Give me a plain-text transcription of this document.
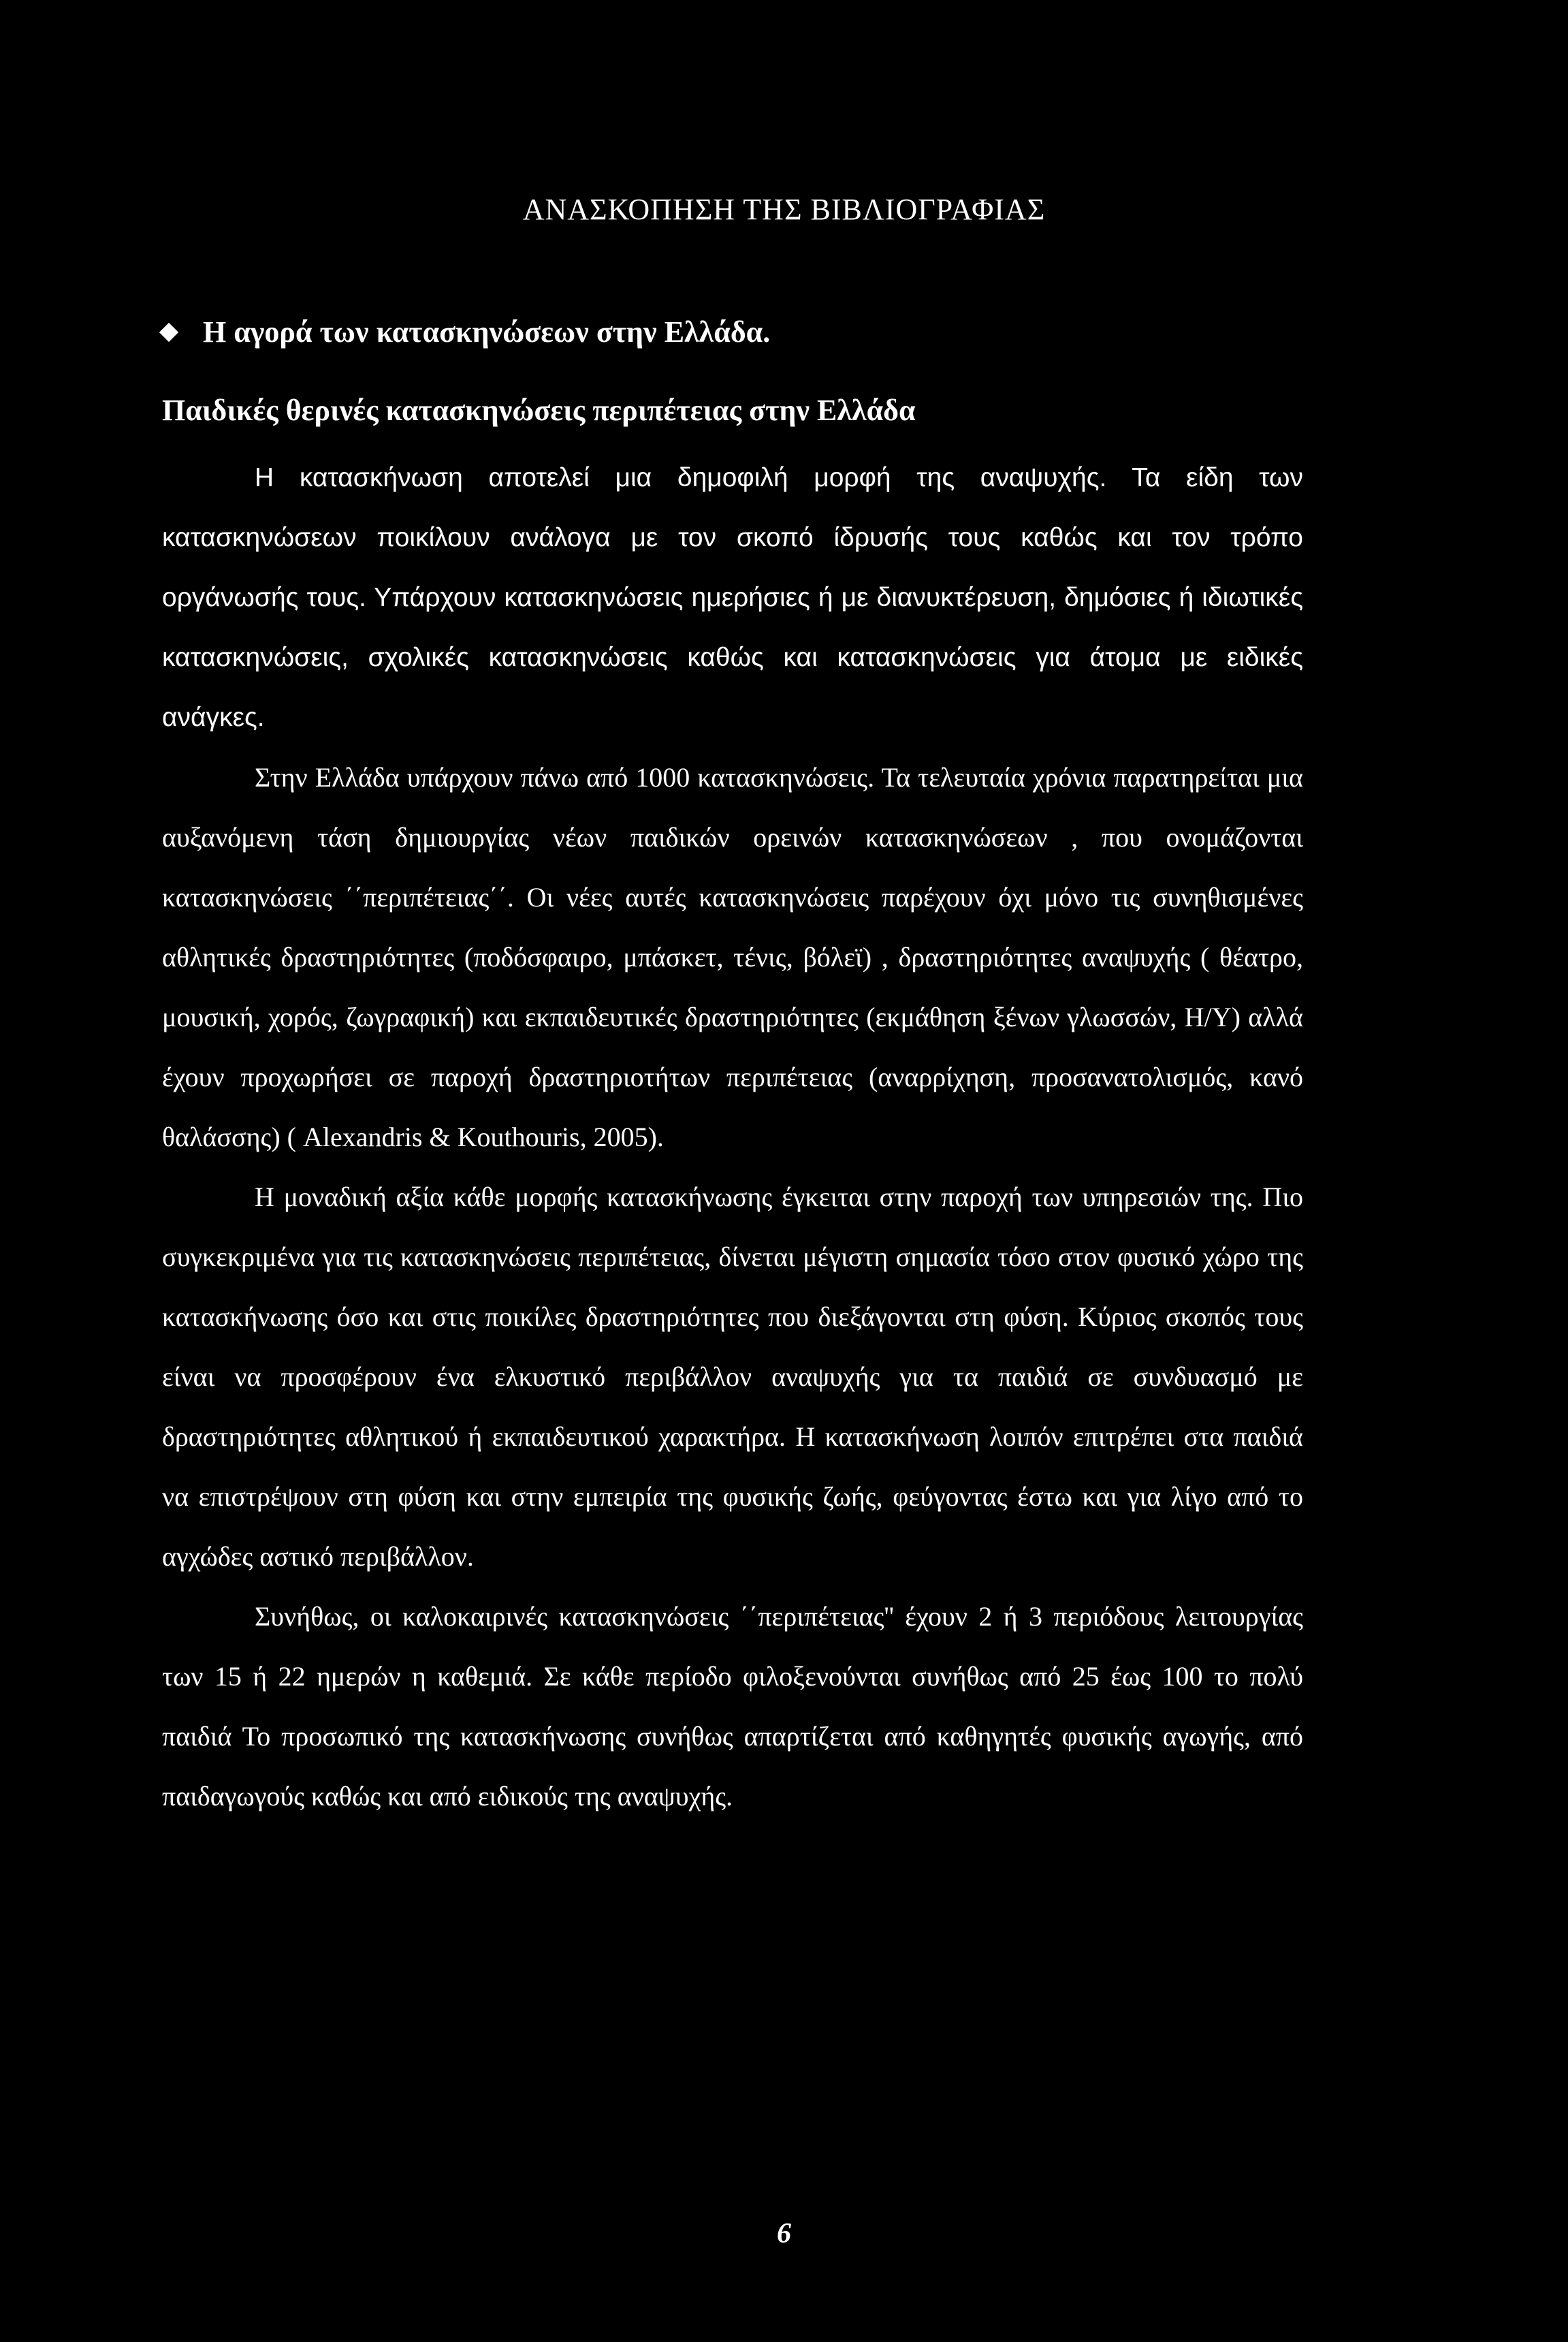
ΑΝΑΣΚΟΠΗΣΗ ΤΗΣ ΒΙΒΛΙΟΓΡΑΦΙΑΣ
Η αγορά των κατασκηνώσεων στην Ελλάδα.
Παιδικές θερινές κατασκηνώσεις περιπέτειας στην Ελλάδα

Η κατασκήνωση αποτελεί μια δημοφιλή μορφή της αναψυχής. Τα είδη των κατασκηνώσεων ποικίλουν ανάλογα με τον σκοπό ίδρυσής τους καθώς και τον τρόπο οργάνωσής τους. Υπάρχουν κατασκηνώσεις ημερήσιες ή με διανυκτέρευση, δημόσιες ή ιδιωτικές κατασκηνώσεις, σχολικές κατασκηνώσεις καθώς και κατασκηνώσεις για άτομα με ειδικές ανάγκες.

Στην Ελλάδα υπάρχουν πάνω από 1000 κατασκηνώσεις. Τα τελευταία χρόνια παρατηρείται μια αυξανόμενη τάση δημιουργίας νέων παιδικών ορεινών κατασκηνώσεων , που ονομάζονται κατασκηνώσεις ΄΄περιπέτειας΄΄. Οι νέες αυτές κατασκηνώσεις παρέχουν όχι μόνο τις συνηθισμένες αθλητικές δραστηριότητες (ποδόσφαιρο, μπάσκετ, τένις, βόλεϊ) , δραστηριότητες αναψυχής ( θέατρο, μουσική, χορός, ζωγραφική) και εκπαιδευτικές δραστηριότητες (εκμάθηση ξένων γλωσσών, Η/Υ) αλλά έχουν προχωρήσει σε παροχή δραστηριοτήτων περιπέτειας (αναρρίχηση, προσανατολισμός, κανό θαλάσσης) ( Alexandris & Kouthouris, 2005).

Η μοναδική αξία κάθε μορφής κατασκήνωσης έγκειται στην παροχή των υπηρεσιών της. Πιο συγκεκριμένα για τις κατασκηνώσεις περιπέτειας, δίνεται μέγιστη σημασία τόσο στον φυσικό χώρο της κατασκήνωσης όσο και στις ποικίλες δραστηριότητες που διεξάγονται στη φύση. Κύριος σκοπός τους είναι να προσφέρουν ένα ελκυστικό περιβάλλον αναψυχής για τα παιδιά σε συνδυασμό με δραστηριότητες αθλητικού ή εκπαιδευτικού χαρακτήρα. Η κατασκήνωση λοιπόν επιτρέπει στα παιδιά να επιστρέψουν στη φύση και στην εμπειρία της φυσικής ζωής, φεύγοντας έστω και για λίγο από το αγχώδες αστικό περιβάλλον.

Συνήθως, οι καλοκαιρινές κατασκηνώσεις ΄΄περιπέτειας'' έχουν 2 ή 3 περιόδους λειτουργίας των 15 ή 22 ημερών η καθεμιά. Σε κάθε περίοδο φιλοξενούνται συνήθως από 25 έως 100 το πολύ παιδιά Το προσωπικό της κατασκήνωσης συνήθως απαρτίζεται από καθηγητές φυσικής αγωγής, από παιδαγωγούς καθώς και από ειδικούς της αναψυχής.

6
